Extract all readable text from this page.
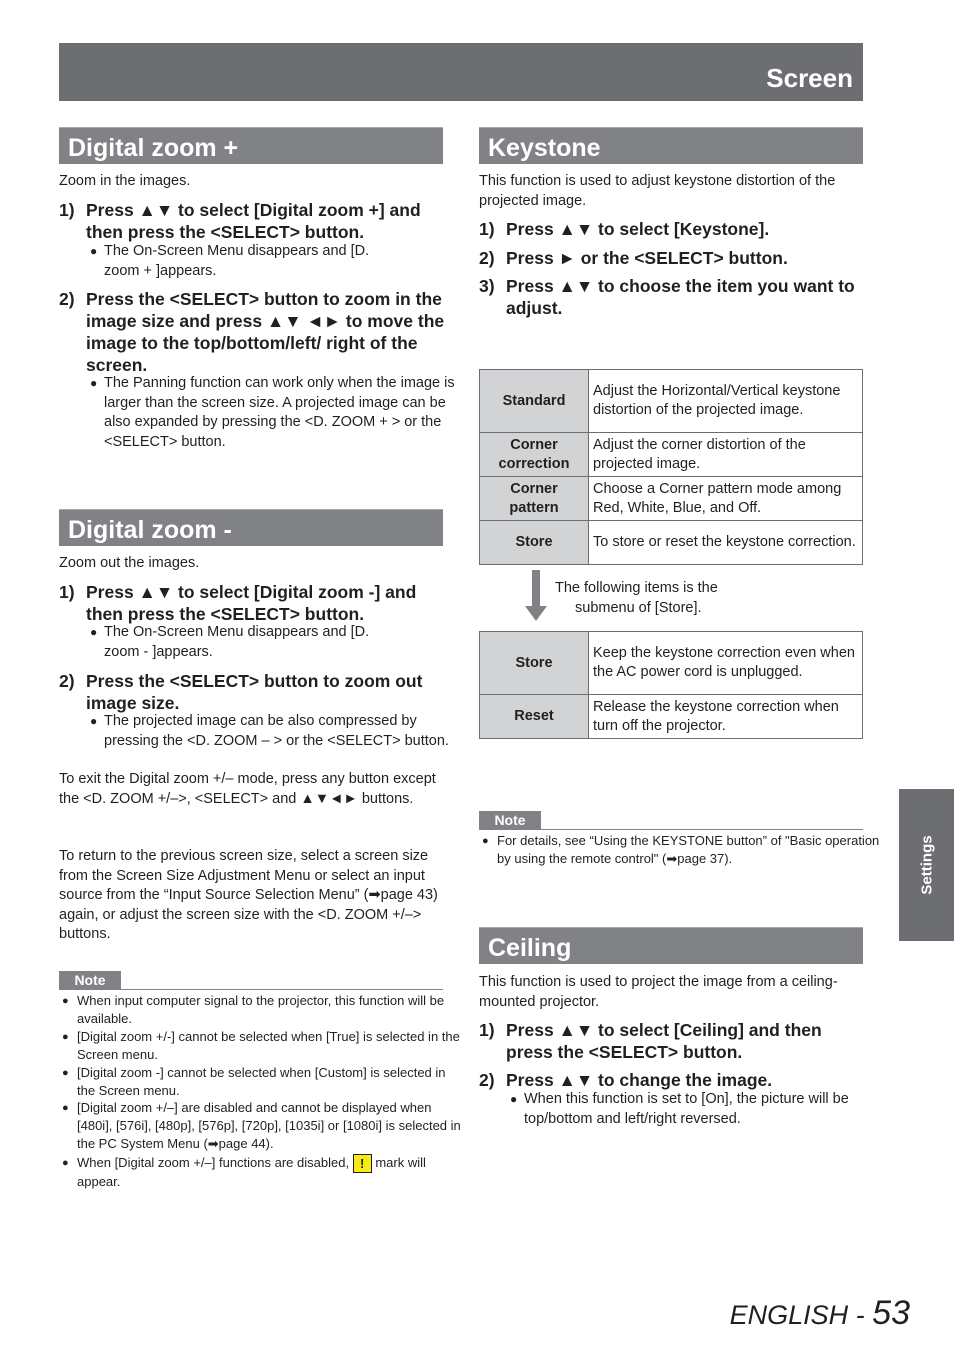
Screen
Digital zoom +
Zoom in the images.
1) Press ▲▼ to select [Digital zoom +] and then press the <SELECT> button.
● The On-Screen Menu disappears and [D. zoom + ]appears.
2) Press the <SELECT> button to zoom in the image size and press ▲▼ ◄► to move the image to the top/bottom/left/ right of the screen.
● The Panning function can work only when the image is larger than the screen size. A projected image can be also expanded by pressing the <D. ZOOM + > or the <SELECT> button.
Digital zoom -
Zoom out the images.
1) Press ▲▼ to select [Digital zoom -] and then press the <SELECT> button.
● The On-Screen Menu disappears and [D. zoom - ]appears.
2) Press the <SELECT> button to zoom out image size.
● The projected image can be also compressed by pressing the <D. ZOOM – > or the <SELECT> button.
To exit the Digital zoom +/– mode, press any button except the <D. ZOOM +/–>, <SELECT> and ▲▼◄► buttons.
To return to the previous screen size, select a screen size from the Screen Size Adjustment Menu or select an input source from the “Input Source Selection Menu” (➡page 43) again, or adjust the screen size with the <D. ZOOM +/–> buttons.
Note
● When input computer signal to the projector, this function will be available.
● [Digital zoom +/-] cannot be selected when [True] is selected in the Screen menu.
● [Digital zoom -] cannot be selected when [Custom] is selected in the Screen menu.
● [Digital zoom +/–] are disabled and cannot be displayed when [480i], [576i], [480p], [576p], [720p], [1035i] or [1080i] is selected in the PC System Menu (➡page 44).
● When [Digital zoom +/–] functions are disabled, ! mark will appear.
Keystone
This function is used to adjust keystone distortion of the projected image.
1) Press ▲▼ to select [Keystone].
2) Press ► or the <SELECT> button.
3) Press ▲▼ to choose the item you want to adjust.
Standard	Adjust the Horizontal/Vertical keystone distortion of the projected image.
Corner correction	Adjust the corner distortion of the projected image.
Corner pattern	Choose a Corner pattern mode among Red, White, Blue, and Off.
Store	To store or reset the keystone correction.
The following items is the
submenu of [Store].
Store	Keep the keystone correction even when the AC power cord is unplugged.
Reset	Release the keystone correction when turn off the projector.
Note
● For details, see “Using the KEYSTONE button” of "Basic operation by using the remote control" (➡page 37).
Ceiling
This function is used to project the image from a ceiling-mounted projector.
1) Press ▲▼ to select [Ceiling] and then press the <SELECT> button.
2) Press ▲▼ to change the image.
● When this function is set to [On], the picture will be top/bottom and left/right reversed.
Settings
ENGLISH - 53
